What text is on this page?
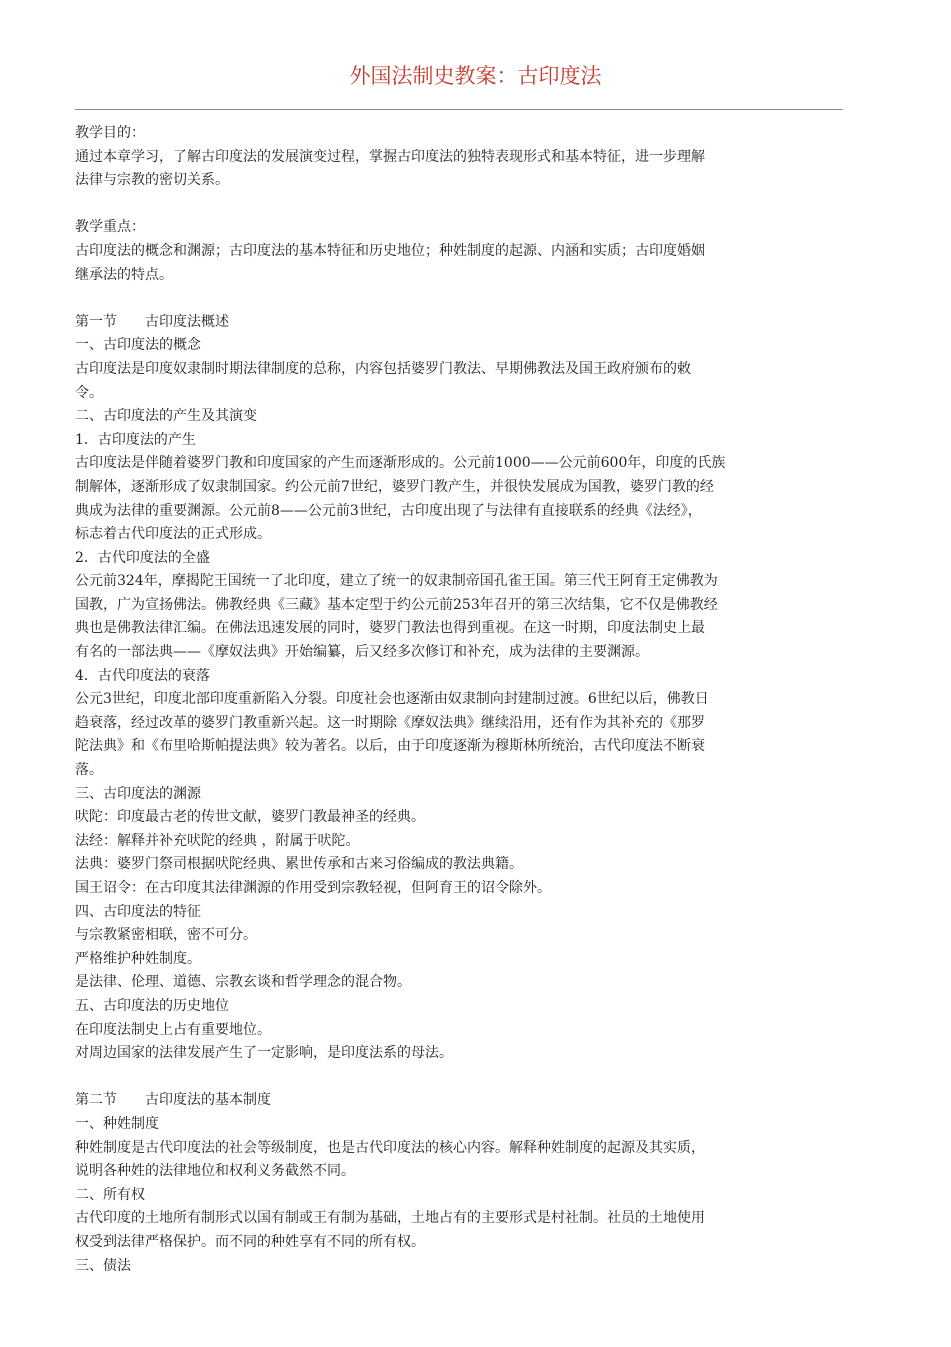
外国法制史教案：古印度法

教学目的：

通过本章学习，了解古印度法的发展演变过程，掌握古印度法的独特表现形式和基本特征，进一步理解

法律与宗教的密切关系。

教学重点：

古印度法的概念和渊源；古印度法的基本特征和历史地位；种姓制度的起源、内涵和实质；古印度婚姻

继承法的特点。

第一节　　古印度法概述

一、古印度法的概念

古印度法是印度奴隶制时期法律制度的总称，内容包括婆罗门教法、早期佛教法及国王政府颁布的敕

令。

二、古印度法的产生及其演变

1．古印度法的产生

古印度法是伴随着婆罗门教和印度国家的产生而逐渐形成的。公元前1000——公元前600年，印度的氏族

制解体，逐渐形成了奴隶制国家。约公元前7世纪，婆罗门教产生，并很快发展成为国教，婆罗门教的经

典成为法律的重要渊源。公元前8——公元前3世纪，古印度出现了与法律有直接联系的经典《法经》，

标志着古代印度法的正式形成。

2．古代印度法的全盛

公元前324年，摩揭陀王国统一了北印度，建立了统一的奴隶制帝国孔雀王国。第三代王阿育王定佛教为

国教，广为宣扬佛法。佛教经典《三藏》基本定型于约公元前253年召开的第三次结集，它不仅是佛教经

典也是佛教法律汇编。在佛法迅速发展的同时，婆罗门教法也得到重视。在这一时期，印度法制史上最

有名的一部法典——《摩奴法典》开始编纂，后又经多次修订和补充，成为法律的主要渊源。

4．古代印度法的衰落

公元3世纪，印度北部印度重新陷入分裂。印度社会也逐渐由奴隶制向封建制过渡。6世纪以后，佛教日

趋衰落，经过改革的婆罗门教重新兴起。这一时期除《摩奴法典》继续沿用，还有作为其补充的《那罗

陀法典》和《布里哈斯帕提法典》较为著名。以后，由于印度逐渐为穆斯林所统治，古代印度法不断衰

落。

三、古印度法的渊源

吠陀：印度最古老的传世文献，婆罗门教最神圣的经典。

法经：解释并补充吠陀的经典 ，附属于吠陀。

法典：婆罗门祭司根据吠陀经典、累世传承和古来习俗编成的教法典籍。

国王诏令：在古印度其法律渊源的作用受到宗教轻视，但阿育王的诏令除外。

四、古印度法的特征

与宗教紧密相联，密不可分。

严格维护种姓制度。

是法律、伦理、道德、宗教玄谈和哲学理念的混合物。

五、古印度法的历史地位

在印度法制史上占有重要地位。

对周边国家的法律发展产生了一定影响，是印度法系的母法。

第二节　　古印度法的基本制度

一、种姓制度

种姓制度是古代印度法的社会等级制度，也是古代印度法的核心内容。解释种姓制度的起源及其实质，

说明各种姓的法律地位和权利义务截然不同。

二、所有权

古代印度的土地所有制形式以国有制或王有制为基础，土地占有的主要形式是村社制。社员的土地使用

权受到法律严格保护。而不同的种姓享有不同的所有权。

三、债法
